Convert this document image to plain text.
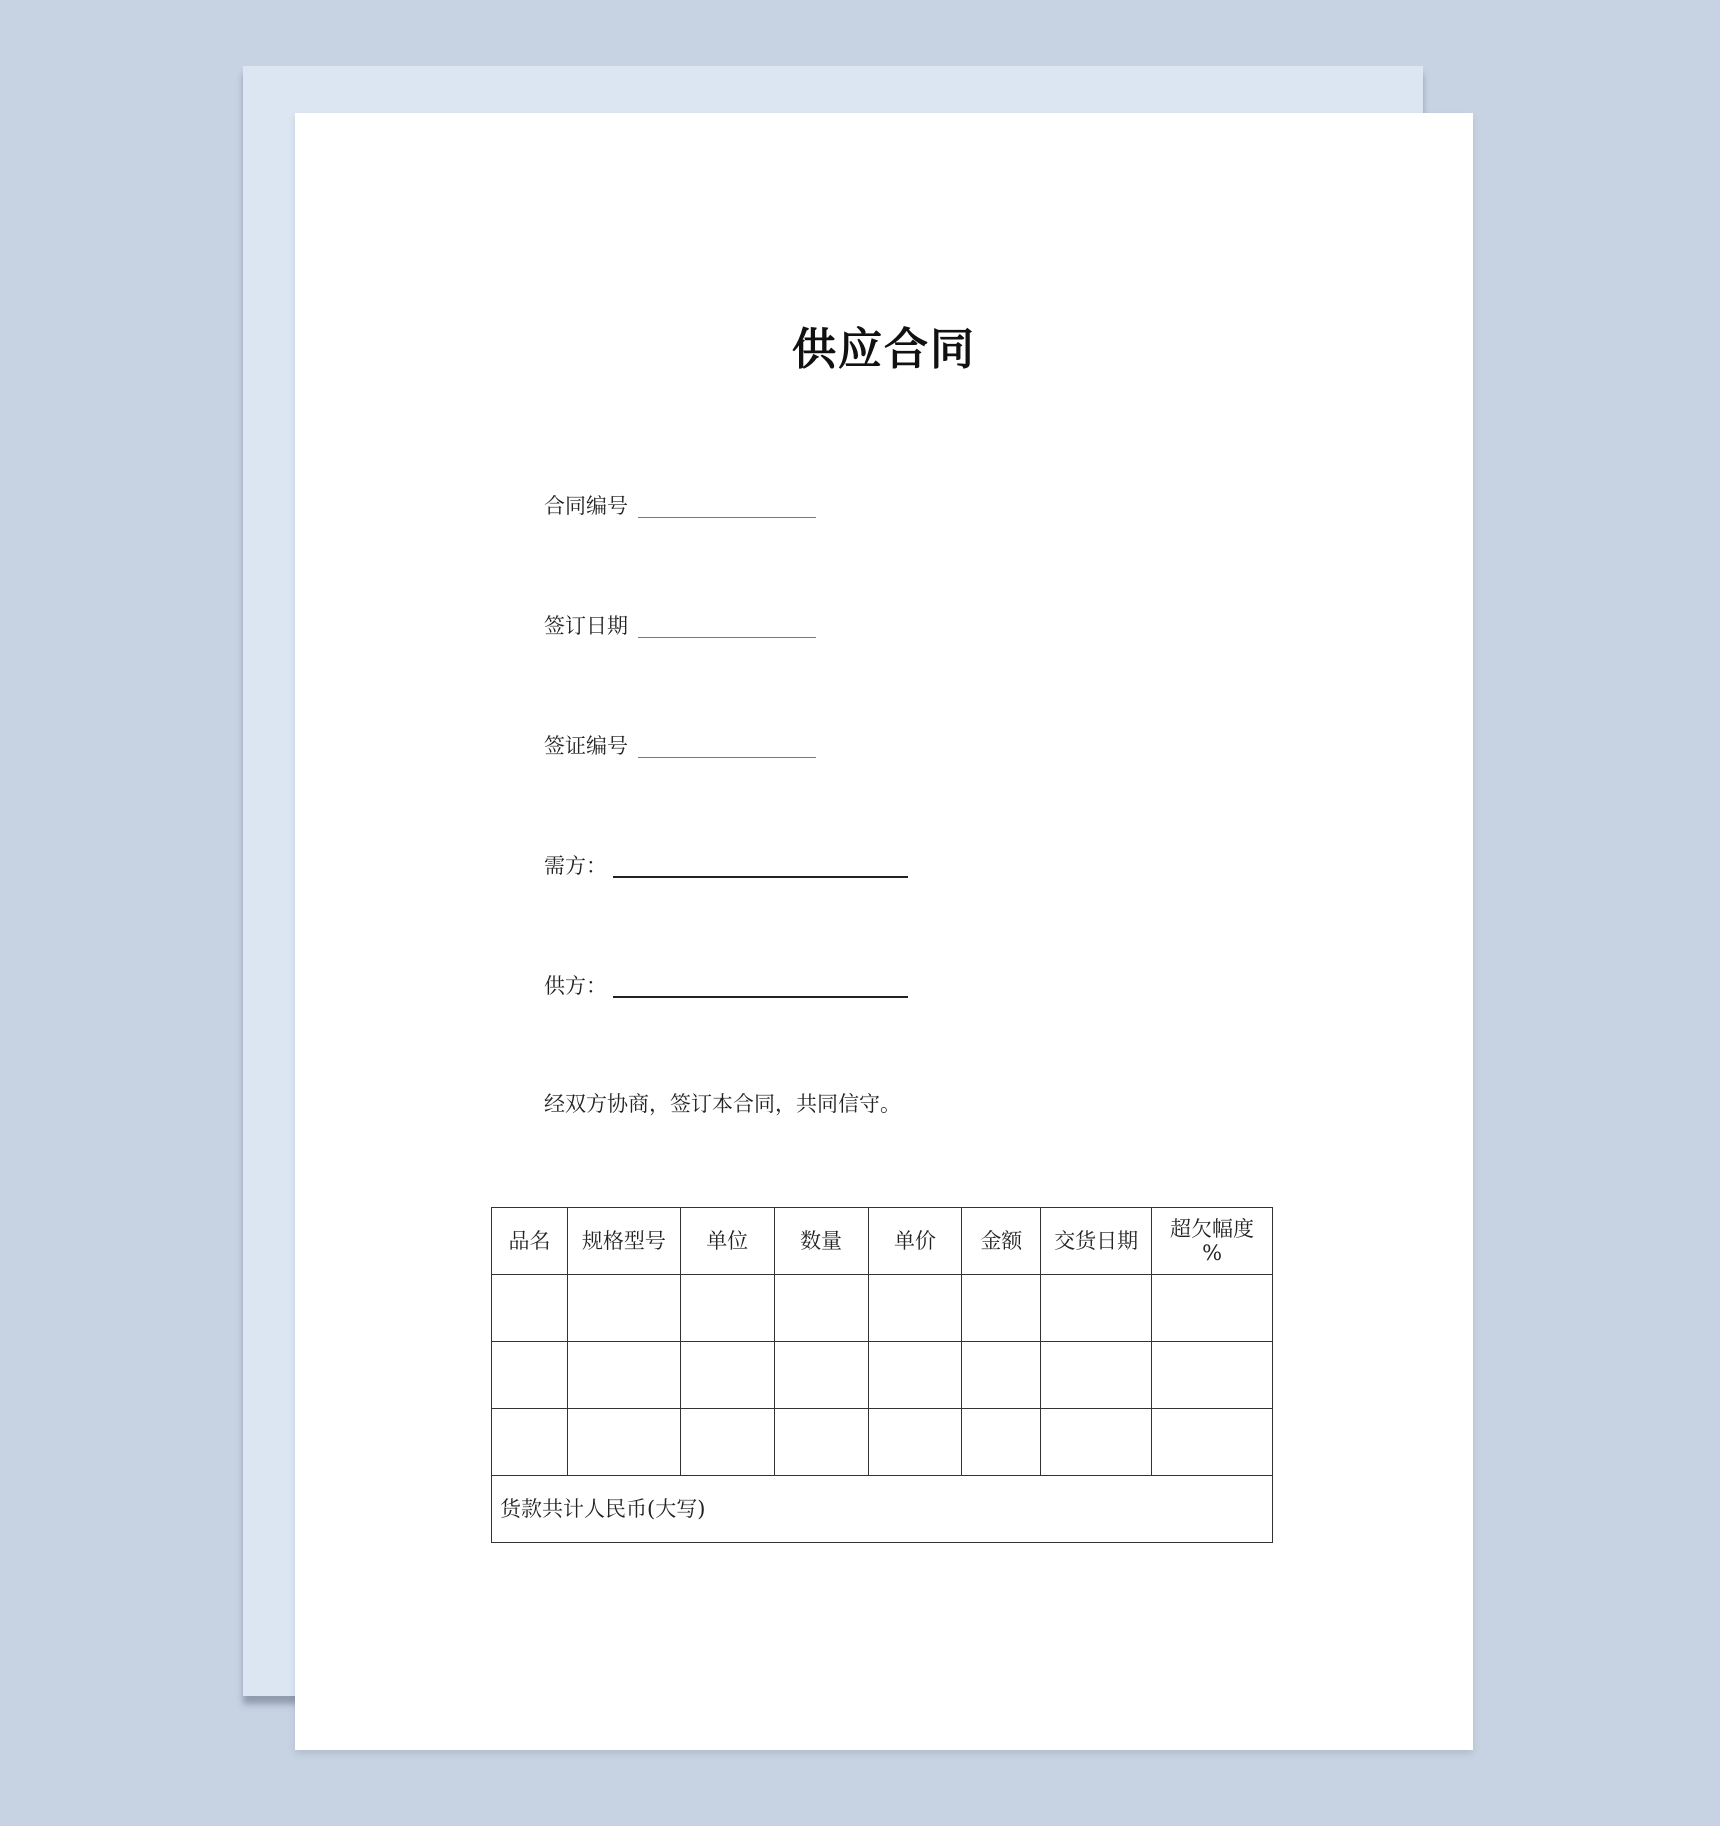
供应合同
合同编号
签订日期
签证编号
需方：
供方：
经双方协商，签订本合同，共同信守。
品名	规格型号	单位	数量	单价	金额	交货日期	超欠幅度
%

货款共计人民币(大写)							
